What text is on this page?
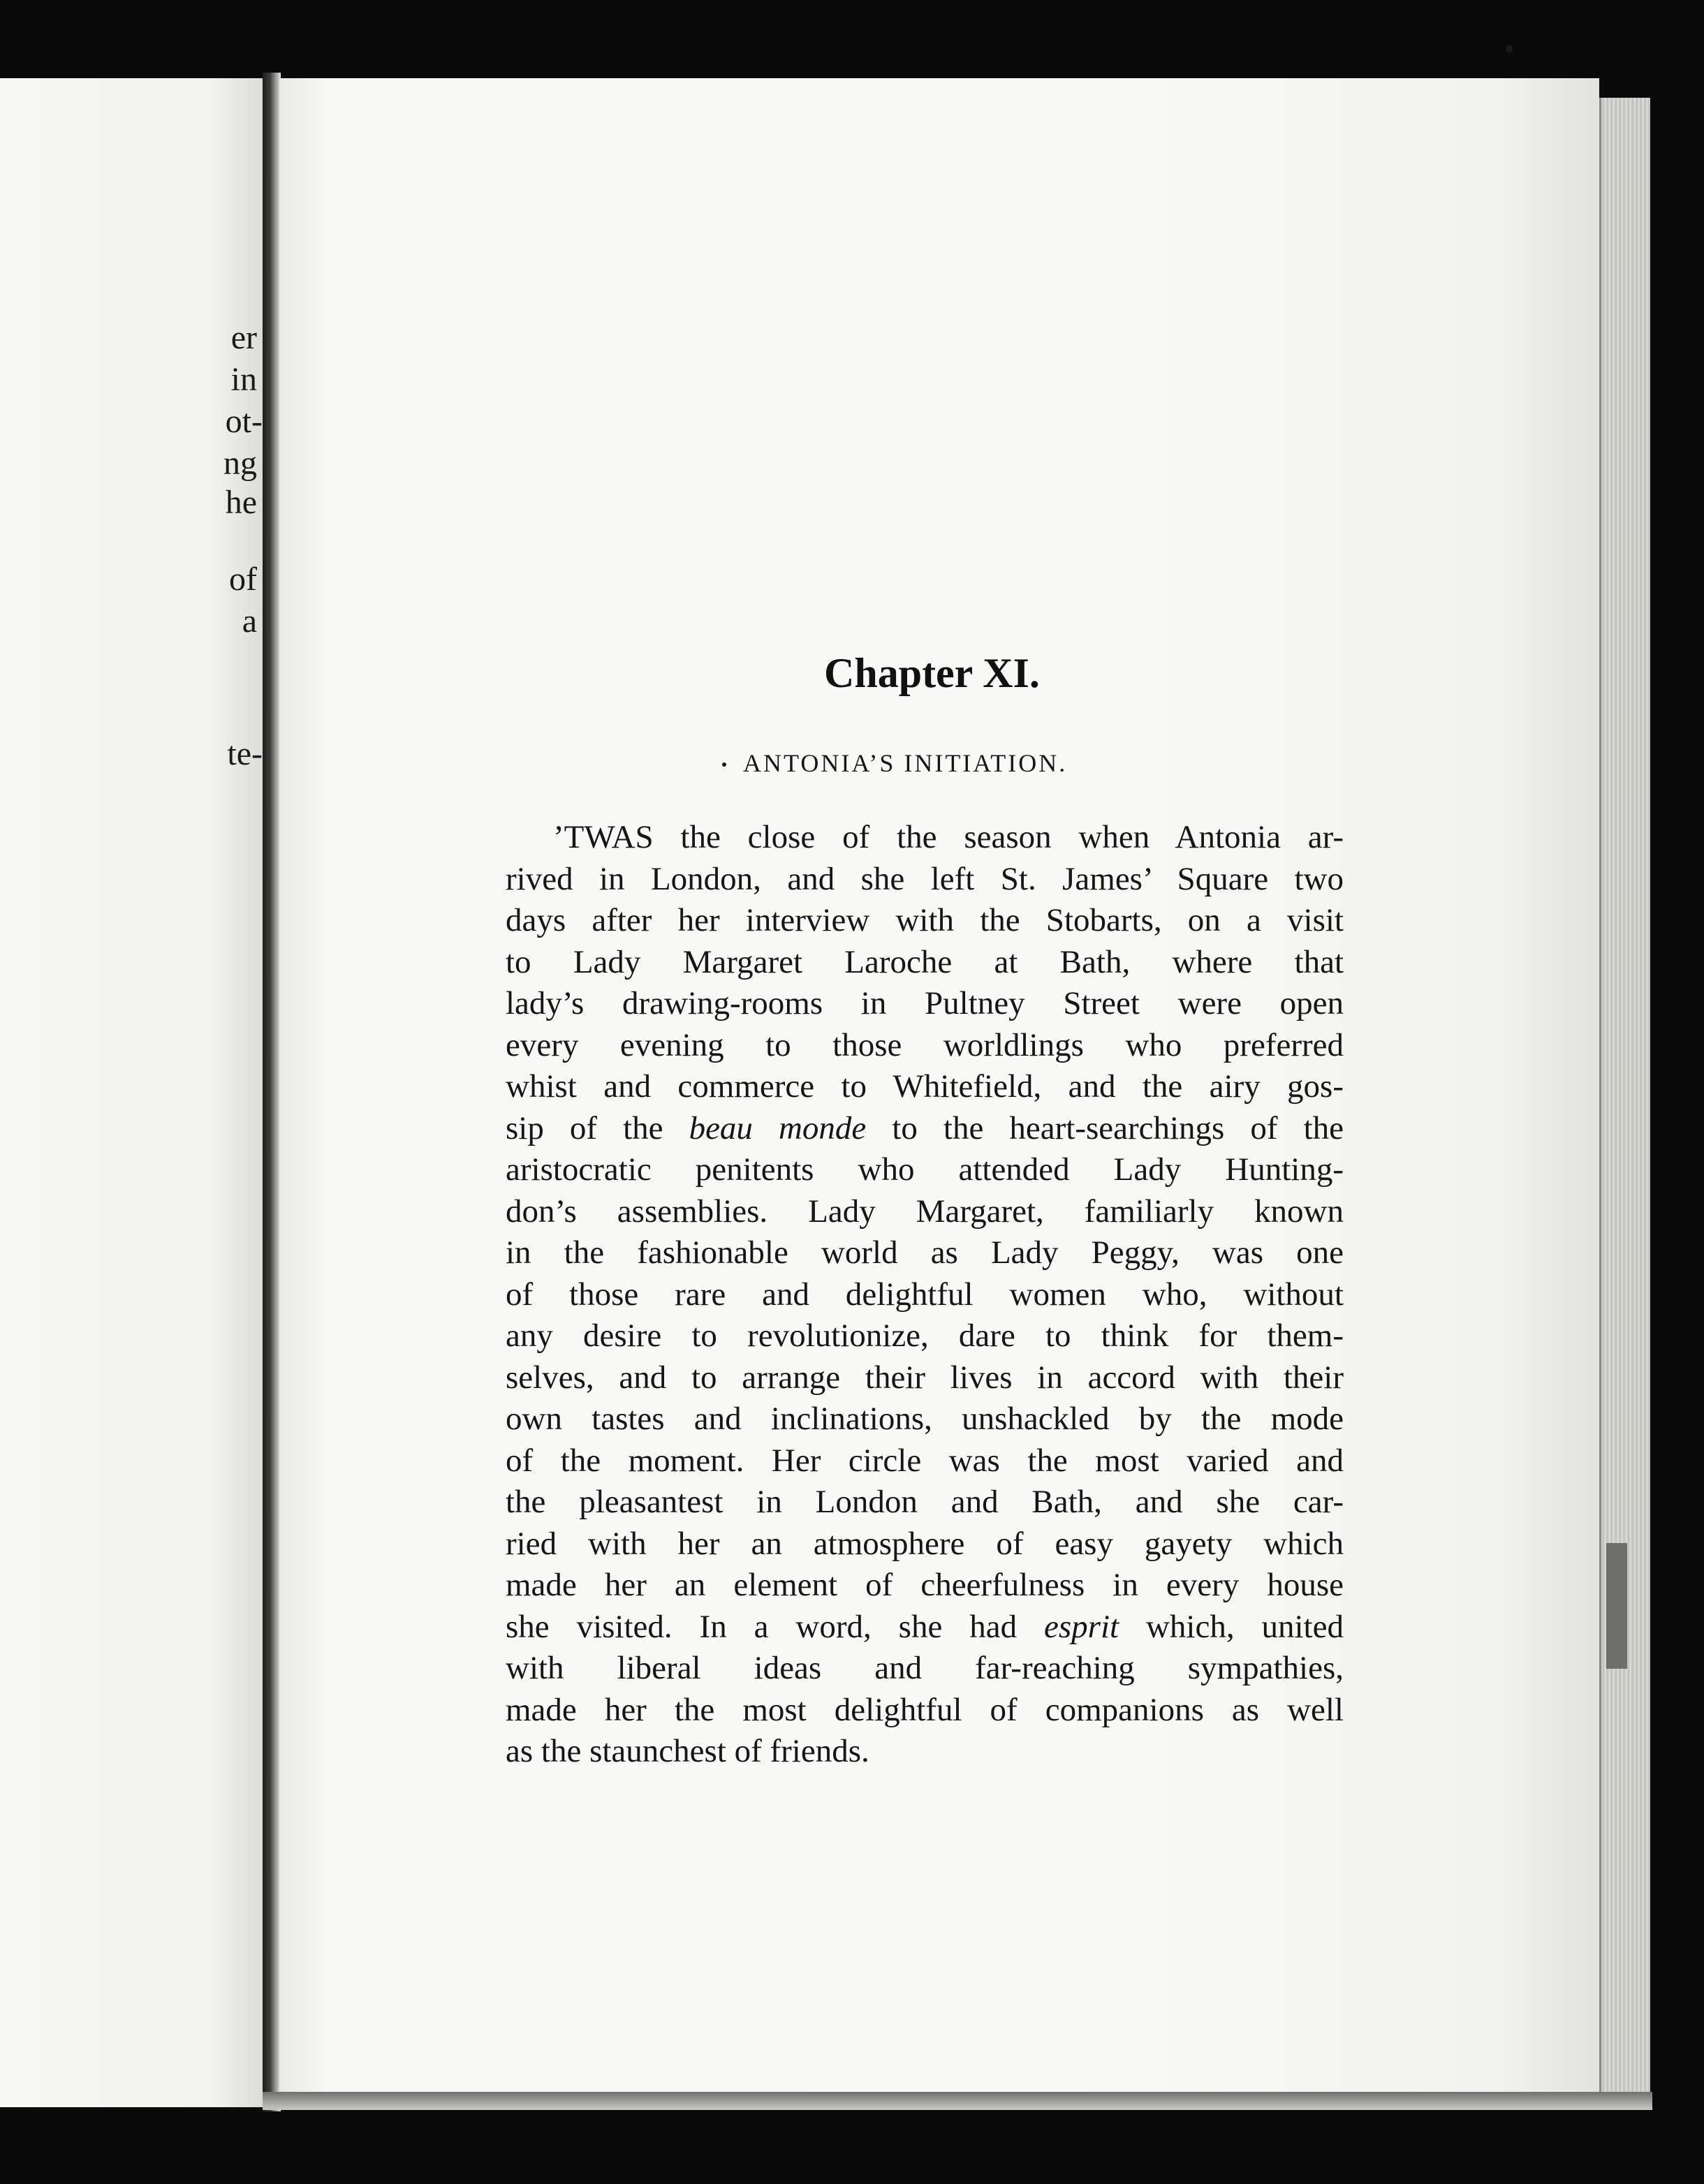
er
in
ot-
ng
he
of
a
te-
Chapter XI.
ANTONIA’S INITIATION.
’TWAS the close of the season when Antonia ar-
rived in London, and she left St. James’ Square two
days after her interview with the Stobarts, on a visit
to Lady Margaret Laroche at Bath, where that
lady’s drawing-rooms in Pultney Street were open
every evening to those worldlings who preferred
whist and commerce to Whitefield, and the airy gos-
sip of the beau monde to the heart-searchings of the
aristocratic penitents who attended Lady Hunting-
don’s assemblies. Lady Margaret, familiarly known
in the fashionable world as Lady Peggy, was one
of those rare and delightful women who, without
any desire to revolutionize, dare to think for them-
selves, and to arrange their lives in accord with their
own tastes and inclinations, unshackled by the mode
of the moment. Her circle was the most varied and
the pleasantest in London and Bath, and she car-
ried with her an atmosphere of easy gayety which
made her an element of cheerfulness in every house
she visited. In a word, she had esprit which, united
with liberal ideas and far-reaching sympathies,
made her the most delightful of companions as well
as the staunchest of friends.
